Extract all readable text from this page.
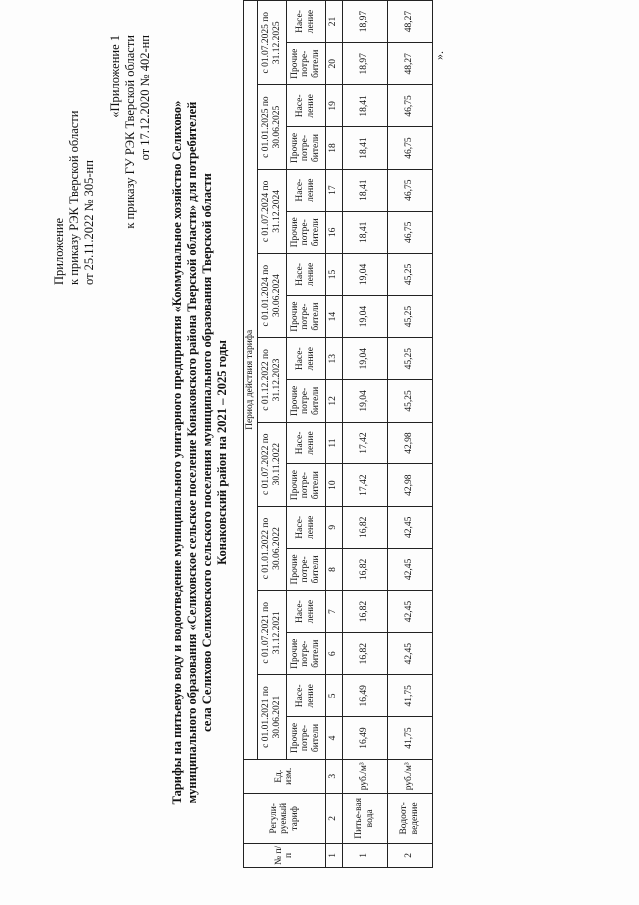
Приложение к приказу РЭК Тверской области от 25.11.2022 № 305-нп
«Приложение 1 к приказу ГУ РЭК Тверской области от 17.12.2020 № 402-нп
Тарифы на питьевую воду и водоотведение муниципального унитарного предприятия «Коммунальное хозяйство Селихово» муниципального образования «Селиховское сельское поселение Конаковского района Тверской области» для потребителей села Селихово Селиховского сельского поселения муниципального образования Тверской области Конаковский район на 2021 – 2025 годы
№ п/п	Регули-руемый тариф	Ед. изм.	Период действия тарифа																	
			с 01.01.2021 по 30.06.2021		с 01.07.2021 по 31.12.2021		с 01.01.2022 по 30.06.2022		с 01.07.2022 по 30.11.2022		с 01.12.2022 по 31.12.2023		с 01.01.2024 по 30.06.2024		с 01.07.2024 по 31.12.2024		с 01.01.2025 по 30.06.2025		с 01.07.2025 по 31.12.2025	
			Прочие потре-бители	Насе-ление	Прочие потре-бители	Насе-ление	Прочие потре-бители	Насе-ление	Прочие потре-бители	Насе-ление	Прочие потре-бители	Насе-ление	Прочие потре-бители	Насе-ление	Прочие потре-бители	Насе-ление	Прочие потре-бители	Насе-ление	Прочие потре-бители	Насе-ление
1	2	3	4	5	6	7	8	9	10	11	12	13	14	15	16	17	18	19	20	21
1	Питье-вая вода	руб./м³	16,49	16,49	16,82	16,82	16,82	16,82	17,42	17,42	19,04	19,04	19,04	19,04	18,41	18,41	18,41	18,41	18,97	18,97
2	Водоот-ведение	руб./м³	41,75	41,75	42,45	42,45	42,45	42,45	42,98	42,98	45,25	45,25	45,25	45,25	46,75	46,75	46,75	46,75	48,27	48,27
».
